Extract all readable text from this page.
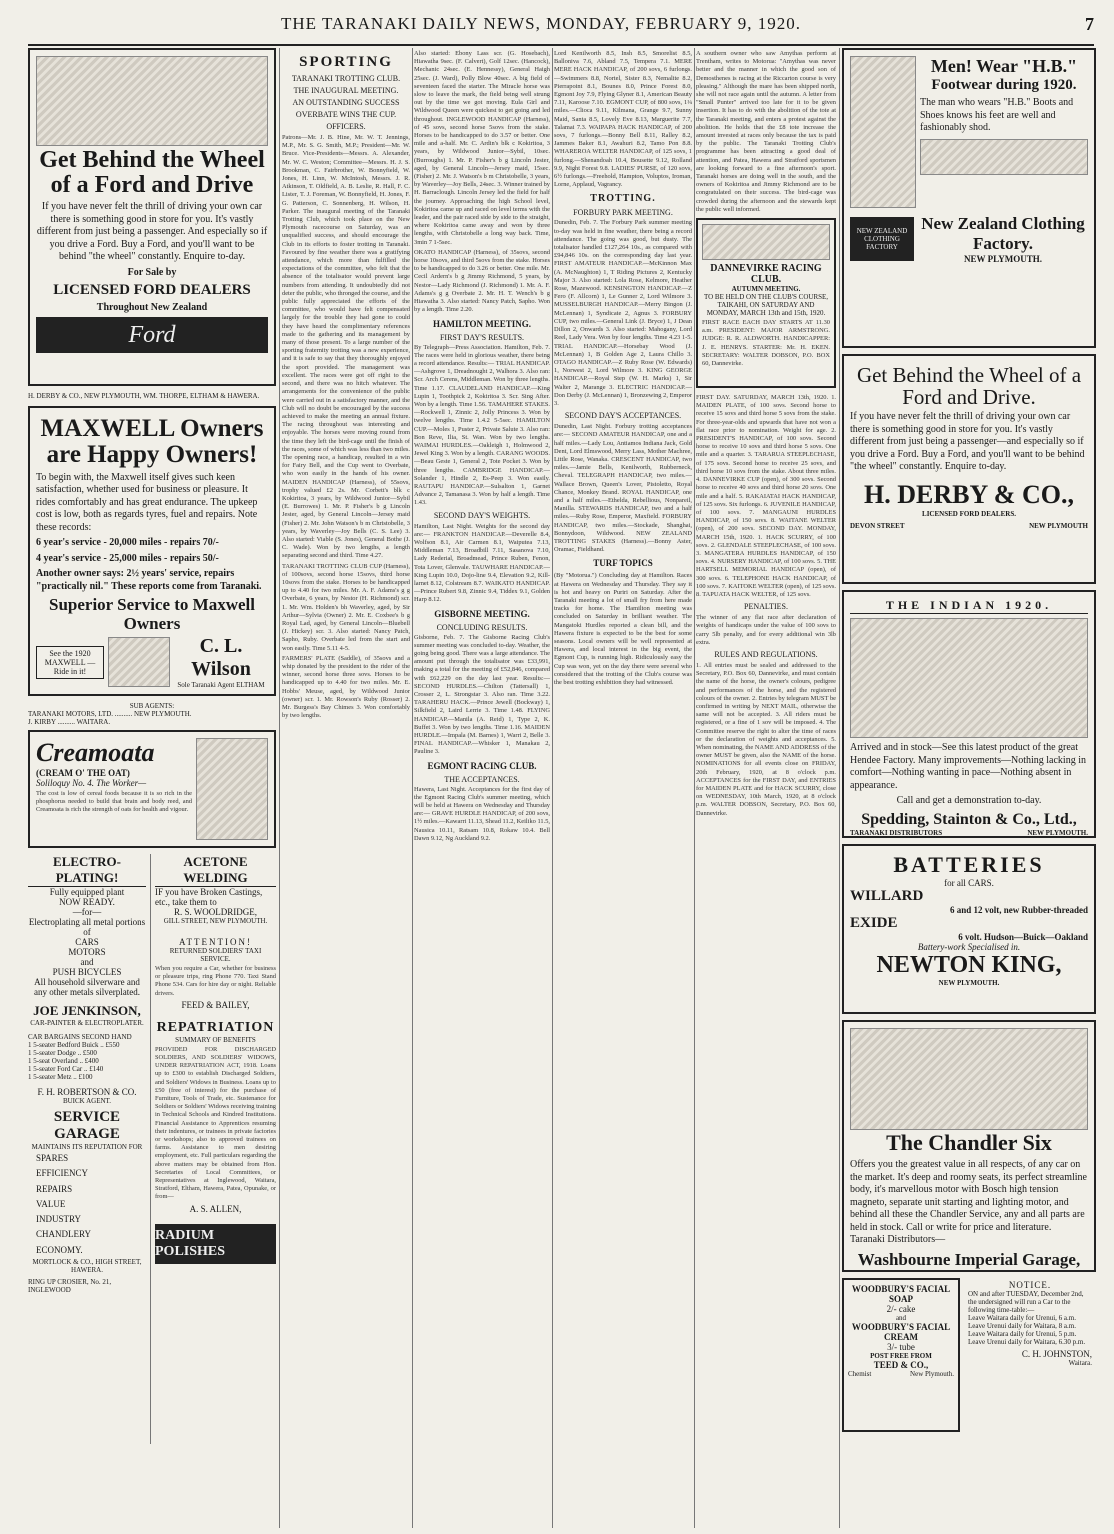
THE TARANAKI DAILY NEWS, MONDAY, FEBRUARY 9, 1920.	7
Get Behind the Wheel of a Ford and Drive

If you have never felt the thrill of driving your own car there is something good in store for you. It's vastly different from just being a passenger. And especially so if you drive a Ford. Buy a Ford, and you'll want to be behind "the wheel" constantly. Enquire to-day.

For Sale by

LICENSED FORD DEALERS

Throughout New Zealand

Ford

H. DERBY & CO., NEW PLYMOUTH, WM. THORPE, ELTHAM & HAWERA.

MAXWELL Owners are Happy Owners!

To begin with, the Maxwell itself gives such keen satisfaction, whether used for business or pleasure. It rides comfortably and has great endurance. The upkeep cost is low, both as regards tyres, fuel and repairs. Note these records:

6 year's service - 20,000 miles - repairs 70/-

4 year's service - 25,000 miles - repairs 50/-

Another owner says: 2½ years' service, repairs "practically nil." These reports come from Taranaki.

Superior Service to Maxwell Owners
See the 1920 MAXWELL —Ride in it!
C. L. Wilson
Sole Taranaki Agent ELTHAM

SUB AGENTS:

TARANAKI MOTORS, LTD. .......... NEW PLYMOUTH.

J. KIRBY .......... WAITARA.

Creamoata
(CREAM O' THE OAT)
Soliloquy No. 4. The Worker—
The cost is low of cereal foods because it is so rich in the phosphorus needed to build that brain and body reed, and Creamoata is rich the strength of oats for health and vigour.
ELECTRO-PLATING!
Fully equipped plant
NOW READY.
—for—
Electroplating all metal portions of
CARS
MOTORS
and
PUSH BICYCLES
All household silverware and any other metals silverplated.
JOE JENKINSON,
CAR-PAINTER & ELECTROPLATER.
CAR BARGAINS SECOND HAND
1 5-seater Bedford Buick .. £550
1 5-seater Dodge .. £500
1 5-seat Overland .. £400
1 5-seater Ford Car .. £140
1 5-seater Metz .. £100
F. H. ROBERTSON & CO.
BUICK AGENT.
SERVICE GARAGE
MAINTAINS ITS REPUTATION FOR
SPARES
EFFICIENCY
REPAIRS
VALUE
INDUSTRY
CHANDLERY
ECONOMY.
MORTLOCK & CO., HIGH STREET, HAWERA.
RING UP CROSIER, No. 21, INGLEWOOD
ACETONE WELDING
IF you have Broken Castings, etc., take them to
R. S. WOOLDRIDGE,
GILL STREET, NEW PLYMOUTH.
ATTENTION!
RETURNED SOLDIERS' TAXI SERVICE.
When you require a Car, whether for business or pleasure trips, ring Phone 770. Taxi Stand Phone 534. Cars for hire day or night. Reliable drivers.
FEED & BAILEY,
REPATRIATION
SUMMARY OF BENEFITS
PROVIDED FOR DISCHARGED SOLDIERS, AND SOLDIERS' WIDOWS, UNDER REPATRIATION ACT, 1918. Loans up to £300 to establish Discharged Soldiers, and Soldiers' Widows in Business. Loans up to £50 (free of interest) for the purchase of Furniture, Tools of Trade, etc. Sustenance for Soldiers or Soldiers' Widows receiving training in Technical Schools and Kindred Institutions. Financial Assistance to Apprentices resuming their indentures, or trainees in private factories or workshops; also to approved trainees on farms. Assistance to men desiring employment, etc. Full particulars regarding the above matters may be obtained from Hon. Secretaries of Local Committees, or Representatives at Inglewood, Waitara, Stratford, Eltham, Hawera, Patea, Opunake, or from—
A. S. ALLEN,
RADIUM POLISHES
SPORTING
TARANAKI TROTTING CLUB.
THE INAUGURAL MEETING.
AN OUTSTANDING SUCCESS
OVERBATE WINS THE CUP.
OFFICERS.
Patrons—Mr. J. B. Hine, Mr. W. T. Jennings, M.P., Mr. S. G. Smith, M.P.; President—Mr. W. Bruce. Vice-Presidents—Messrs. A. Alexander, Mr. W. C. Weston; Committee—Messrs. H. J. S. Brookman, C. Fairbrother, W. Bonnyfield, W. Jones, H. Linn, W. McIntosh, Messrs. J. R. Atkinson, T. Oldfield, A. B. Leslie, R. Hall, F. C. Lister, T. J. Foreman, W. Bonnyfield, H. Jones, F. G. Patterson, C. Sonnenberg, H. Wilson, H. Parker. The inaugural meeting of the Taranaki Trotting Club, which took place on the New Plymouth racecourse on Saturday, was an unqualified success, and should encourage the Club in its efforts to foster trotting in Taranaki. Favoured by fine weather there was a gratifying attendance, which more than fulfilled the expectations of the committee, who felt that the absence of the totalisator would prevent large numbers from attending. It undoubtedly did not deter the public, who thronged the course, and the public fully appreciated the efforts of the committee, who would have felt compensated largely for the trouble they had gone to could they have heard the complimentary references made to the gathering and its management by many of those present. To a large number of the sporting fraternity trotting was a new experience, and it is safe to say that they thoroughly enjoyed the sport provided. The management was excellent. The races were got off right to the second, and there was no hitch whatever. The arrangements for the convenience of the public were carried out in a satisfactory manner, and the Club will no doubt be encouraged by the success achieved to make the meeting an annual fixture. The racing throughout was interesting and enjoyable. The horses were moving round from the time they left the bird-cage until the finish of the races, some of which was less than two miles. The opening race, a handicap, resulted in a win for Fairy Bell, and the Cup went to Overbate, who won easily in the hands of his owner. MAIDEN HANDICAP (Harness), of 55sovs, trophy valued £2 2s. Mr. Corbett's blk c Kokiritoa, 3 years, by Wildwood Junior—Sybil (E. Burrowes) 1. Mr. P. Fisher's b g Lincoln Jester, aged, by General Lincoln—Jersey maid (Fisher) 2. Mr. John Watson's b m Christobelle, 3 years, by Waverley—Joy Bells (C. S. Lee) 3. Also started: Viable (S. Jones), General Bothe (J. C. Wade). Won by two lengths, a length separating second and third. Time 4.27.
TARANAKI TROTTING CLUB CUP (Harness), of 100sovs, second horse 15sovs, third horse 10sovs from the stake. Horses to be handicapped up to 4.40 for two miles. Mr. A. F. Adams's g g Overbate, 6 years, by Nestor (H. Richmond) scr. 1. Mr. Wm. Holden's bh Waverley, aged, by Sir Arthur—Sylvia (Owner) 2. Mr. E. Coxbee's b g Royal Lad, aged, by General Lincoln—Bluebell (J. Hickey) scr. 3. Also started: Nancy Patch, Sapho, Ruby. Overbate led from the start and won easily. Time 5.11 4-5.
FARMERS' PLATE (Saddle), of 35sovs and a whip donated by the president to the rider of the winner, second horse three sovs. Horses to be handicapped up to 4.40 for two miles. Mr. E. Hobbs' Meuse, aged, by Wildwood Junior (owner) scr. 1. Mr. Rowson's Ruby (Rosser) 2. Mr. Burgess's Bay Chimes 3. Won comfortably by two lengths.
Also started: Ebony Lass scr. (G. Hosebach), Hiawatha 9sec. (F. Calvert), Golf 12sec. (Hancock), Mechanic 24sec. (E. Hennessy), General Haigh 25sec. (J. Ward), Polly Blow 40sec. A big field of seventeen faced the starter. The Miracle horse was slow to leave the mark, the field being well strung out by the time we got moving. Eula Girl and Wildwood Queen were quickest to get going and led throughout. INGLEWOOD HANDICAP (Harness), of 45 sovs, second horse 5sovs from the stake. Horses to be handicapped to do 3.57 or better. One mile and a-half. Mr. C. Ardin's blk c Kokiritoa, 3 years, by Wildwood Junior—Sybil, 10sec. (Burroughs) 1. Mr. P. Fisher's b g Lincoln Jester, aged, by General Lincoln—Jersey maid, 15sec. (Fisher) 2. Mr. J. Watson's b m Christobelle, 3 years, by Waverley—Joy Bells, 24sec. 3. Winner trained by H. Barraclough. Lincoln Jersey led the field for half the journey. Approaching the high School level, Kokiritoa came up and raced on level terms with the leader, and the pair raced side by side to the straight, where Kokiritoa came away and won by three lengths, with Christobelle a long way back. Time, 3min 7 1-5sec.
OKATO HANDICAP (Harness), of 35sovs, second horse 10sovs, and third 5sovs from the stake. Horses to be handicapped to do 3.26 or better. One mile. Mr. Cecil Ardern's b g Jimmy Richmond, 5 years, by Nestor—Lady Richmond (J. Richmond) 1. Mr. A. F. Adams's g g Overbate 2. Mr. H. T. Wench's b g Hiawatha 3. Also started: Nancy Patch, Sapho. Won by a length. Time 2.20.
HAMILTON MEETING.
FIRST DAY'S RESULTS.
By Telegraph—Press Association. Hamilton, Feb. 7. The races were held in glorious weather, there being a record attendance. Results:— TRIAL HANDICAP.—Ashgrove 1, Dreadnought 2, Walhora 3. Also ran: Scr. Arch Cerens, Middleman. Won by three lengths. Time 1.17. CLAUDELAND HANDICAP.—King Lupin 1, Toothpick 2, Kokiritoa 3. Scr. Sing After. Won by a length. Time 1.56. TAMAHERE STAKES.—Rockwell 1, Zinnic 2, Jolly Princess 3. Won by twelve lengths. Time 1.4.2 5-5sec. HAMILTON CUP.—Moles 1, Puster 2, Private Salute 3. Also ran: Bon Reve, Ilia, St. Wan. Won by two lengths. WAIMAI HURDLES.—Oakleigh 1, Holmwood 2, Jewel King 3. Won by a length. CARANG WOODS.—Beau Geste 1, General 2, Tote Pocket 3. Won by three lengths. CAMBRIDGE HANDICAP.—Solander 1, Hindle 2, Es-Peep 3. Won easily. RAUTAPU HANDICAP.—Sulsalton 1, Garnet Advance 2, Tamanasa 3. Won by half a length. Time 1.43.
SECOND DAY'S WEIGHTS.
Hamilton, Last Night. Weights for the second day are:— FRANKTON HANDICAP.—Deverelle 8.4, Wolfson 8.1, Air Carmen 8.1, Waiputea 7.13, Middleman 7.13, Broadbill 7.11, Sasanova 7.10, Lady Rederial, Broadmead, Prince Ruben, Fenon, Tota Lover, Glenvale. TAUWHARE HANDICAP.—King Lupin 10.0, Dojo-line 9.4, Elevation 9.2, Kill-larnet 8.12, Colstream 8.7. WAIKATO HANDICAP.—Prince Rubert 9.8, Zinnic 9.4, Tiddex 9.1, Golden Harp 8.12.
GISBORNE MEETING.
CONCLUDING RESULTS.
Gisborne, Feb. 7. The Gisborne Racing Club's summer meeting was concluded to-day. Weather, the going being good. There was a large attendance. The amount put through the totalisator was £33,991, making a total for the meeting of £52,846, compared with £62,229 on the day last year. Results:— SECOND HURDLES.—Chilton (Tattersall) 1, Crosser 2, L. Strongstar 3. Also ran. Time 3.22. TARAHERU HACK.—Prince Jewell (Bockway) 1, Silkfield 2, Laird Lerrie 3. Time 1.48. FLYING HANDICAP.—Manila (A. Reid) 1, Type 2, K. Buffet 3. Won by two lengths. Time 1.16. MAIDEN HURDLE.—Impala (M. Barnes) 1, Warri 2, Belle 3. FINAL HANDICAP.—Whisker 1, Manakau 2, Pauline 3.
EGMONT RACING CLUB.
THE ACCEPTANCES.
Hawera, Last Night. Acceptances for the first day of the Egmont Racing Club's summer meeting, which will be held at Hawera on Wednesday and Thursday are:— GRAVE HURDLE HANDICAP, of 200 sovs, 1½ miles.—Kawarri 11.13, Shead 11.2, Keiliko 11.5, Nausica 10.11, Ratsam 10.8, Rokaw 10.4. Bell Dawn 9.12, Ng Auckland 9.2.
Lord Kenilworth 8.5, Insh 8.5, Smorelist 8.5, Balloniva 7.6, Abland 7.5, Tempera 7.1. MERE MERE HACK HANDICAP, of 200 sovs, 6 furlongs.—Swimmers 8.8, Nortel, Sister 8.3, Nemalite 8.2, Pierrapoint 8.1, Bounes 8.0, Prince Forest 8.0, Egmont Joy 7.9, Flying Glyner 8.1, American Beauty 7.11, Karoose 7.10. EGMONT CUP, of 800 sovs, 1¼ miles.—Clioca 9.11, Kilmana, Grange 9.7, Sunny Maid, Santa 8.5, Lovely Eve 8.13, Marguerite 7.7, Talamai 7.3. WAIPAPA HACK HANDICAP, of 200 sovs, 7 furlongs.—Bonny Bell 8.11, Ralley 8.2, Jammes Baker 8.1, Awahuri 8.2, Tamo Pon 8.8. WHAREROA WELTER HANDICAP, of 125 sovs, 1 furlong.—Shenandoah 10.4, Bousette 9.12, Rolland 9.9, Night Forest 9.8. LADIES' PURSE, of 120 sovs, 6½ furlongs.—Freehold, Hampton, Voluptos, Iroman, Lorne, Applaud, Vagrancy.
TROTTING.
FORBURY PARK MEETING.
Dunedin, Feb. 7. The Forbury Park summer meeting to-day was held in fine weather, there being a record attendance. The going was good, but dusty. The totalisator handled £127,264 10s., as compared with £94,846 10s. on the corresponding day last year. FIRST AMATEUR HANDICAP.—McKinnon Max (A. McNaughton) 1, T Riding Pictures 2, Kentucky Major 3. Also started: Lola Rose, Kelmore, Heather Rose, Mazewood. KENSINGTON HANDICAP.—Z Fero (F. Allcorn) 1, Le Gunner 2, Lord Wilmore 3. MUSSELBURGH HANDICAP.—Merry Bingon (J. McLennan) 1, Syndicate 2, Agnus 3. FORBURY CUP, two miles.—General Link (J. Bryce) 1, J Dean Dillon 2, Onwards 3. Also started: Mahogany, Lord Reel, Lady Vera. Won by four lengths. Time 4.23 1-5. TRIAL HANDICAP.—Horsebay Wood (J. McLennan) 1, B Golden Age 2, Laura Chillo 3. OTAGO HANDICAP.—Z Ruby Rose (W. Edwards) 1, Norwest 2, Lord Wilmore 3. KING GEORGE HANDICAP.—Royal Step (W. H. Marks) 1, Sir Walter 2, Marange 3. ELECTRIC HANDICAP.—Don Derby (J. McLennan) 1, Bronzewing 2, Emperor 3.
SECOND DAY'S ACCEPTANCES.
Dunedin, Last Night. Forbury trotting acceptances are:— SECOND AMATEUR HANDICAP, one and a half miles.—Lady Lou, Antiamos Indiana Jack, Gold Dent, Lord Elmswood, Merry Lass, Mother Machree, Little Rose, Wanaka. CRESCENT HANDICAP, two miles.—Jamie Bells, Kenilworth, Rubberneck, Cheval. TELEGRAPH HANDICAP, two miles.—Wallace Brown, Queen's Lover, Pistoletto, Royal Chance, Monkey Brand. ROYAL HANDICAP, one and a half miles.—Ethelda, Rebellious, Nonpareil, Manilla. STEWARDS HANDICAP, two and a half miles.—Ruby Rose, Emperor, Maxfield. FORBURY HANDICAP, two miles.—Stockade, Shanghai, Bonnydoon, Wildwood. NEW ZEALAND TROTTING STAKES (Harness).—Bonny Aster, Oramac, Fieldhand.
TURF TOPICS
(By "Motorua.") Concluding day at Hamilton. Races at Hawera on Wednesday and Thursday. They say it is hot and heavy on Puriri on Saturday. After the Taranaki meeting a lot of small fry from here made tracks for home. The Hamilton meeting was concluded on Saturday in brilliant weather. The Mangatoki Hurdles reported a clean bill, and the Hawera fixture is expected to be the best for some seasons. Local owners will be well represented at Hawera, and local interest in the big event, the Egmont Cup, is running high. Ridiculously easy the Cup was won, yet on the day there were several who considered that the trotting of the Club's course was the best trotting exhibition they had witnessed.
A southern owner who saw Amythas perform at Trentham, writes to Motorua: "Amythas was never better and the manner in which the good son of Demosthenes is racing at the Riccarton course is very pleasing." Although the mare has been shipped north, she will not race again until the autumn. A letter from "Small Punter" arrived too late for it to be given insertion. It has to do with the abolition of the tote at the Taranaki meeting, and enters a protest against the abolition. He holds that the £8 tote increase the amount invested at races only because the tax is paid by the public. The Taranaki Trotting Club's programme has been attracting a good deal of attention, and Patea, Hawera and Stratford sportsmen are looking forward to a fine afternoon's sport. Taranaki horses are doing well in the south, and the owners of Kokiritoa and Jimmy Richmond are to be congratulated on their success. The bird-cage was crowded during the afternoon and the stewards kept the public well informed.
DANNEVIRKE RACING CLUB.
AUTUMN MEETING.
TO BE HELD ON THE CLUB'S COURSE, TAIKAHI, ON SATURDAY AND MONDAY, MARCH 13th and 15th, 1920.
FIRST RACE EACH DAY STARTS AT 11.30 a.m. PRESIDENT: MAJOR ARMSTRONG. JUDGE: R. R. ALDWORTH. HANDICAPPER: J. E. HENRYS. STARTER: Mr. H. EKEN. SECRETARY: WALTER DOBSON, P.O. BOX 60, Dannevirke.
FIRST DAY. SATURDAY, MARCH 13th, 1920. 1. MAIDEN PLATE, of 100 sovs. Second horse to receive 15 sovs and third horse 5 sovs from the stake. For three-year-olds and upwards that have not won a flat race prior to nomination. Weight for age. 2. PRESIDENT'S HANDICAP, of 100 sovs. Second horse to receive 10 sovs and third horse 5 sovs. One mile and a quarter. 3. TARARUA STEEPLECHASE, of 175 sovs. Second horse to receive 25 sovs, and third horse 10 sovs from the stake. About three miles. 4. DANNEVIRKE CUP (open), of 300 sovs. Second horse to receive 40 sovs and third horse 20 sovs. One mile and a half. 5. RAKAIATAI HACK HANDICAP, of 125 sovs. Six furlongs. 6. JUVENILE HANDICAP, of 100 sovs. 7. MANGAUNI HURDLES HANDICAP, of 150 sovs. 8. WAITANE WELTER (open), of 200 sovs. SECOND DAY. MONDAY, MARCH 15th, 1920. 1. HACK SCURRY, of 100 sovs. 2. GLENDALE STEEPLECHASE, of 100 sovs. 3. MANGATERA HURDLES HANDICAP, of 150 sovs. 4. NURSERY HANDICAP, of 100 sovs. 5. THE HARTSELL MEMORIAL HANDICAP (open), of 300 sovs. 6. TELEPHONE HACK HANDICAP, of 100 sovs. 7. KAITOKE WELTER (open), of 125 sovs. 8. TAPUATA HACK WELTER, of 125 sovs.
PENALTIES.
The winner of any flat race after declaration of weights of handicaps under the value of 100 sovs to carry 5lb penalty, and for every additional win 3lb extra.
RULES AND REGULATIONS.
1. All entries must be sealed and addressed to the Secretary, P.O. Box 60, Dannevirke, and must contain the name of the horse, the owner's colours, pedigree and performances of the horse, and the registered colours of the owner. 2. Entries by telegram MUST be confirmed in writing by NEXT MAIL, otherwise the same will not be accepted. 3. All riders must be registered, or a fine of 1 sov will be imposed. 4. The Committee reserve the right to alter the time of races or the declaration of weights and acceptances. 5. When nominating, the NAME AND ADDRESS of the owner MUST be given, also the NAME of the horse. NOMINATIONS for all events close on FRIDAY, 20th February, 1920, at 8 o'clock p.m. ACCEPTANCES for the FIRST DAY, and ENTRIES for MAIDEN PLATE and for HACK SCURRY, close on WEDNESDAY, 10th March, 1920, at 8 o'clock p.m. WALTER DOBSON, Secretary, P.O. Box 60, Dannevirke.
Men! Wear "H.B."
Footwear during 1920.

The man who wears "H.B." Boots and Shoes knows his feet are well and fashionably shod.

NEW ZEALAND CLOTHING FACTORY
New Zealand Clothing Factory.
NEW PLYMOUTH.
Get Behind the Wheel of a Ford and Drive.

If you have never felt the thrill of driving your own car there is something good in store for you. It's vastly different from just being a passenger—and especially so if you drive a Ford. Buy a Ford, and you'll want to be behind "the wheel" constantly. Enquire to-day.

H. DERBY & CO.,
LICENSED FORD DEALERS.
DEVON STREET	NEW PLYMOUTH
THE INDIAN 1920.

Arrived and in stock—See this latest product of the great Hendee Factory. Many improvements—Nothing lacking in comfort—Nothing wanting in pace—Nothing absent in appearance.

Call and get a demonstration to-day.

Spedding, Stainton & Co., Ltd.,
TARANAKI DISTRIBUTORS	NEW PLYMOUTH.
BATTERIES
for all CARS.
WILLARD
6 and 12 volt, new Rubber-threaded
EXIDE
6 volt. Hudson—Buick—Oakland
Battery-work Specialised in.
NEWTON KING,
NEW PLYMOUTH.
The Chandler Six

Offers you the greatest value in all respects, of any car on the market. It's deep and roomy seats, its perfect streamline body, it's marvellous motor with Bosch high tension magneto, separate unit starting and lighting motor, and behind all these the Chandler Service, any and all parts are held in stock. Call or write for price and literature. Taranaki Distributors—

Washbourne Imperial Garage,
WOODBURY'S FACIAL SOAP
2/- cake
and
WOODBURY'S FACIAL CREAM
3/- tube
POST FREE FROM
TEED & CO.,
Chemist	New Plymouth.
NOTICE.
ON and after TUESDAY, December 2nd, the undersigned will run a Car to the following time-table:—
Leave Waitara daily for Urenui, 6 a.m.
Leave Urenui daily for Waitara, 8 a.m.
Leave Waitara daily for Urenui, 5 p.m.
Leave Urenui daily for Waitara, 6.30 p.m.
C. H. JOHNSTON,
Waitara.
